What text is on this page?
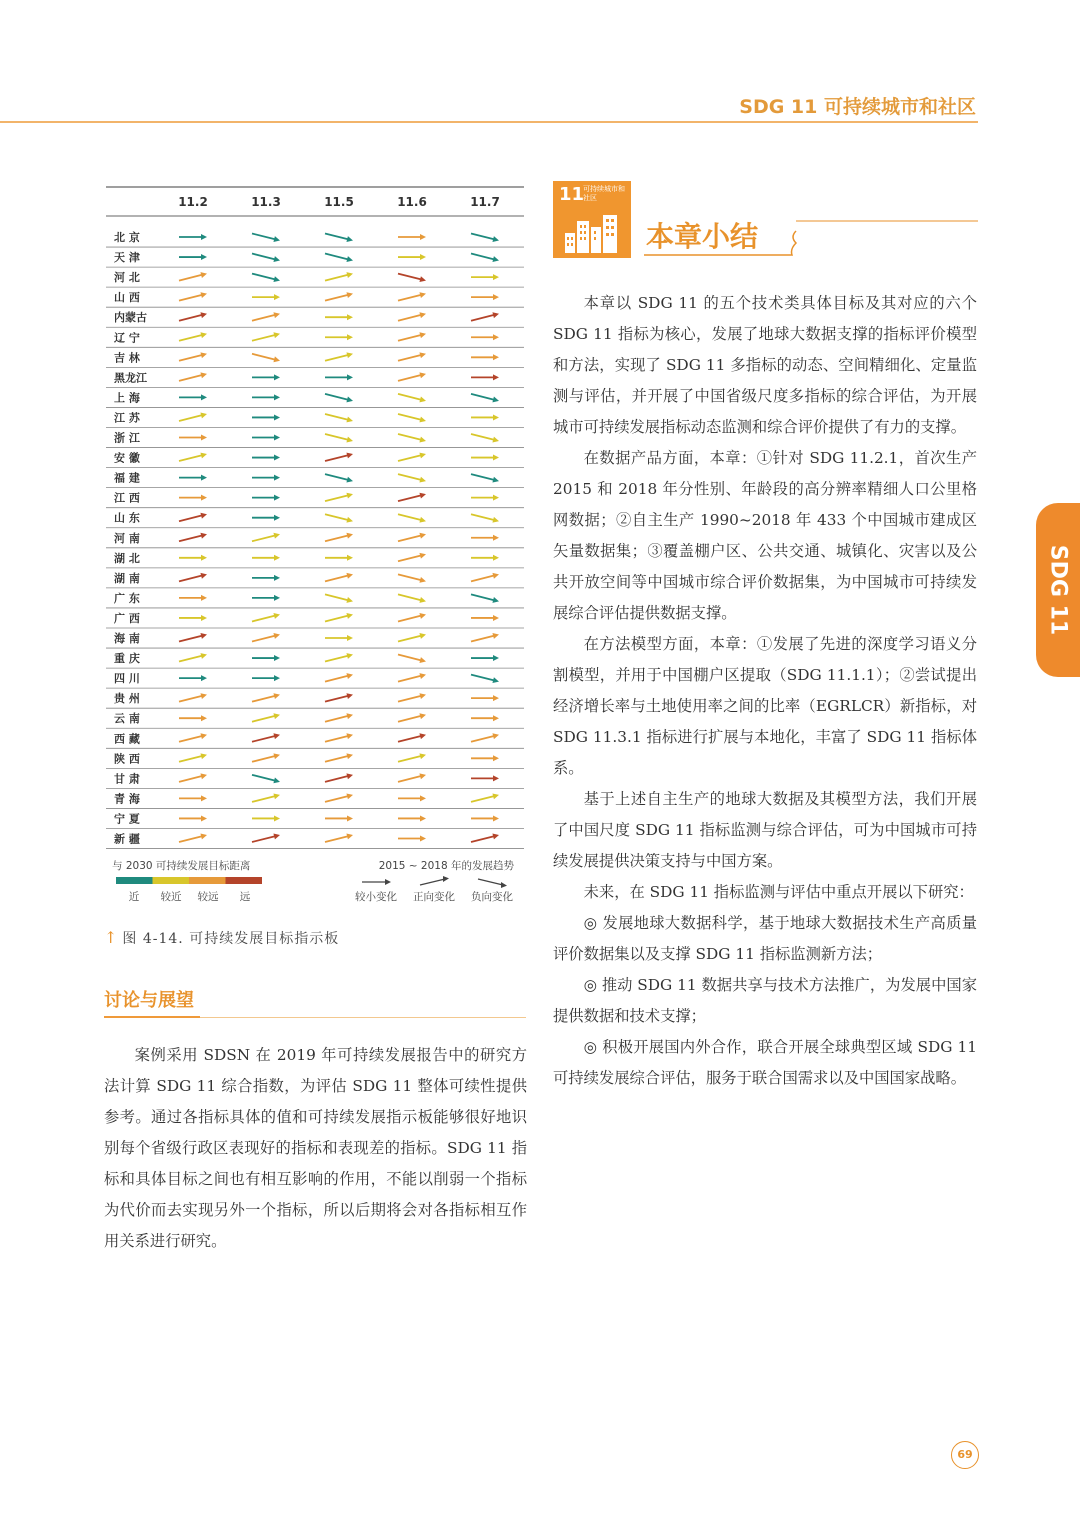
SDG 11 可持续城市和社区
SDG 11
11.2	11.3	11.5	11.6	11.7
北 京
天 津
河 北
山 西
内蒙古
辽 宁
吉 林
黑龙江
上 海
江 苏
浙 江
安 徽
福 建
江 西
山 东
河 南
湖 北
湖 南
广 东
广 西
海 南
重 庆
四 川
贵 州
云 南
西 藏
陕 西
甘 肃
青 海
宁 夏
新 疆
与 2030 可持续发展目标距离
近 较近 较远 远
2015 ~ 2018 年的发展趋势
较小变化 正向变化 负向变化
↑ 图 4-14. 可持续发展目标指示板
讨论与展望

案例采用 SDSN 在 2019 年可持续发展报告中的研究方法计算 SDG 11 综合指数，为评估 SDG 11 整体可续性提供参考。通过各指标具体的值和可持续发展指示板能够很好地识别每个省级行政区表现好的指标和表现差的指标。SDG 11 指标和具体目标之间也有相互影响的作用，不能以削弱一个指标为代价而去实现另外一个指标，所以后期将会对各指标相互作用关系进行研究。

11
可持续城市和社区
本章小结

本章以 SDG 11 的五个技术类具体目标及其对应的六个 SDG 11 指标为核心，发展了地球大数据支撑的指标评价模型和方法，实现了 SDG 11 多指标的动态、空间精细化、定量监测与评估，并开展了中国省级尺度多指标的综合评估，为开展城市可持续发展指标动态监测和综合评价提供了有力的支撑。

在数据产品方面，本章：①针对 SDG 11.2.1，首次生产 2015 和 2018 年分性别、年龄段的高分辨率精细人口公里格网数据；②自主生产 1990~2018 年 433 个中国城市建成区矢量数据集；③覆盖棚户区、公共交通、城镇化、灾害以及公共开放空间等中国城市综合评价数据集，为中国城市可持续发展综合评估提供数据支撑。

在方法模型方面，本章：①发展了先进的深度学习语义分割模型，并用于中国棚户区提取（SDG 11.1.1）；②尝试提出经济增长率与土地使用率之间的比率（EGRLCR）新指标，对 SDG 11.3.1 指标进行扩展与本地化，丰富了 SDG 11 指标体系。

基于上述自主生产的地球大数据及其模型方法，我们开展了中国尺度 SDG 11 指标监测与综合评估，可为中国城市可持续发展提供决策支持与中国方案。

未来，在 SDG 11 指标监测与评估中重点开展以下研究：

◎ 发展地球大数据科学，基于地球大数据技术生产高质量评价数据集以及支撑 SDG 11 指标监测新方法；

◎ 推动 SDG 11 数据共享与技术方法推广，为发展中国家提供数据和技术支撑；

◎ 积极开展国内外合作，联合开展全球典型区域 SDG 11 可持续发展综合评估，服务于联合国需求以及中国国家战略。

69
